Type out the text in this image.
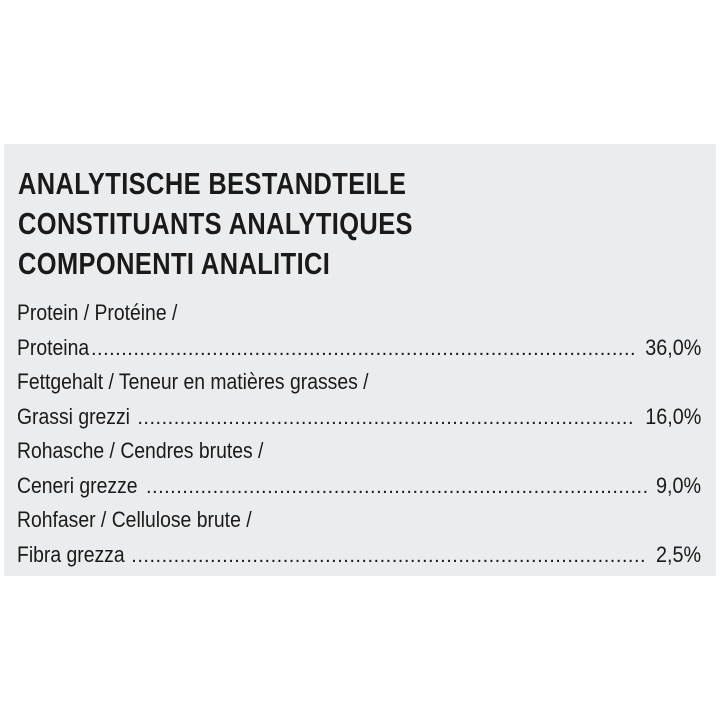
ANALYTISCHE BESTANDTEILE
CONSTITUANTS ANALYTIQUES
COMPONENTI ANALITICI
Protein / Protéine /
Proteina .....	36,0%
Fettgehalt / Teneur en matières grasses /
Grassi grezzi .....	16,0%
Rohasche / Cendres brutes /
Ceneri grezze .....	9,0%
Rohfaser / Cellulose brute /
Fibra grezza .....	2,5%
